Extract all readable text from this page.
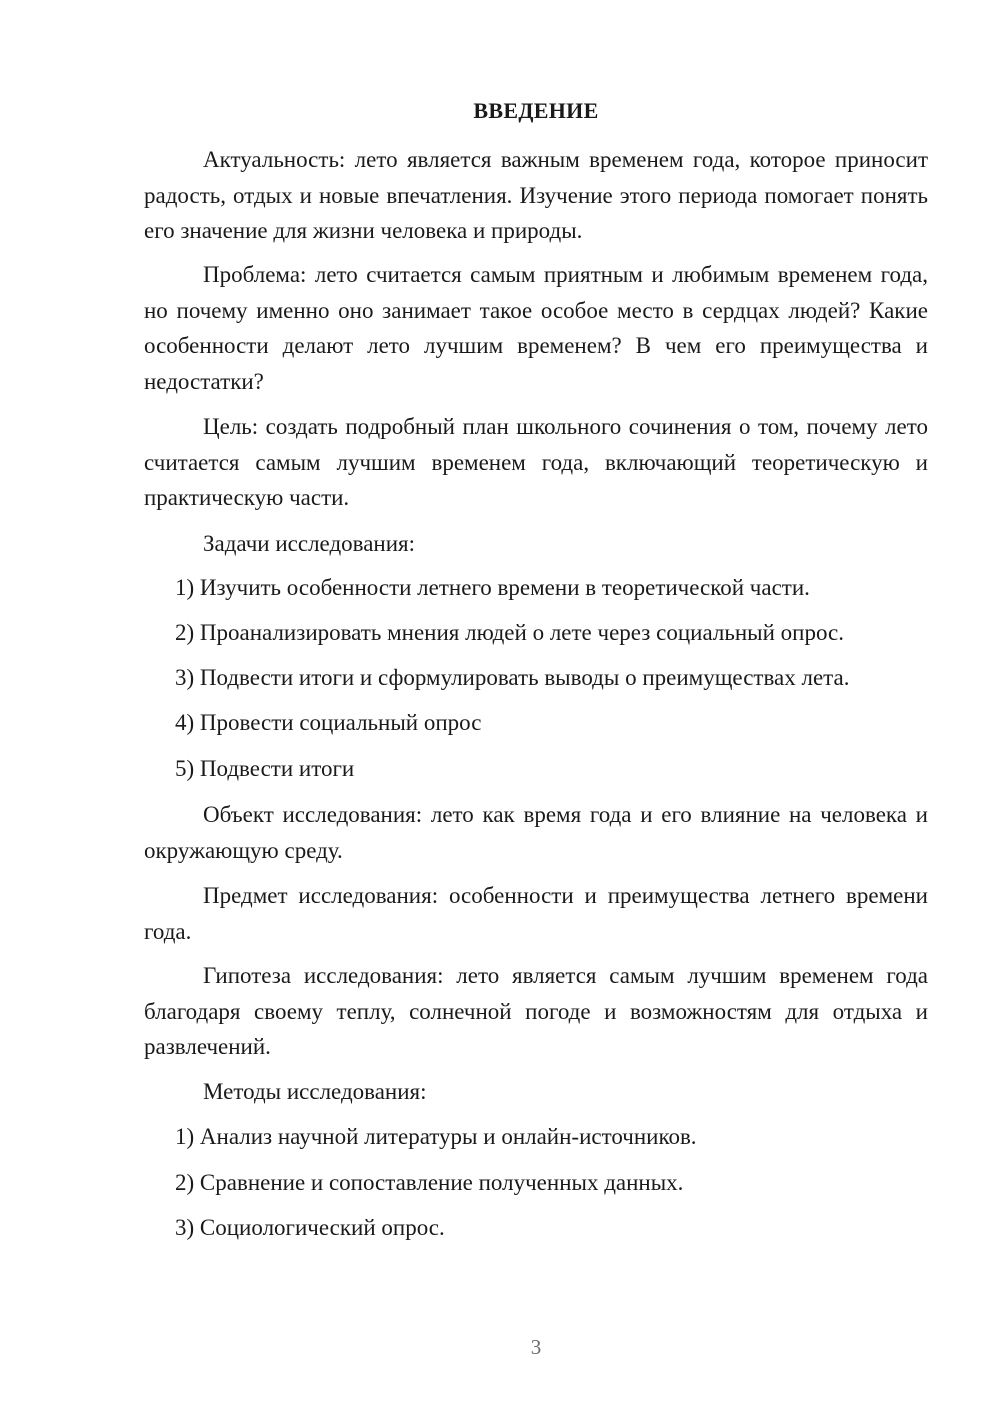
ВВЕДЕНИЕ

Актуальность: лето является важным временем года, которое приносит радость, отдых и новые впечатления. Изучение этого периода помогает понять его значение для жизни человека и природы.

Проблема: лето считается самым приятным и любимым временем года, но почему именно оно занимает такое особое место в сердцах людей? Какие особенности делают лето лучшим временем? В чем его преимущества и недостатки?

Цель: создать подробный план школьного сочинения о том, почему лето считается самым лучшим временем года, включающий теоретическую и практическую части.

Задачи исследования:

1) Изучить особенности летнего времени в теоретической части.

2) Проанализировать мнения людей о лете через социальный опрос.

3) Подвести итоги и сформулировать выводы о преимуществах лета.

4) Провести социальный опрос

5) Подвести итоги

Объект исследования: лето как время года и его влияние на человека и окружающую среду.

Предмет исследования: особенности и преимущества летнего времени года.

Гипотеза исследования: лето является самым лучшим временем года благодаря своему теплу, солнечной погоде и возможностям для отдыха и развлечений.

Методы исследования:

1) Анализ научной литературы и онлайн-источников.

2) Сравнение и сопоставление полученных данных.

3) Социологический опрос.

3
